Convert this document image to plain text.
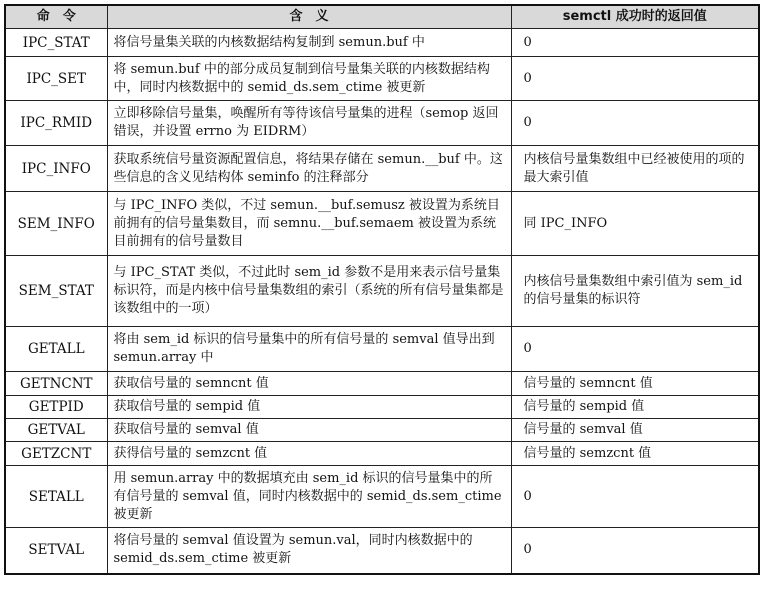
命　令	含　义	semctl 成功时的返回值
IPC_STAT	将信号量集关联的内核数据结构复制到 semun.buf 中	0
IPC_SET	将 semun.buf 中的部分成员复制到信号量集关联的内核数据结构中，同时内核数据中的 semid_ds.sem_ctime 被更新	0
IPC_RMID	立即移除信号量集，唤醒所有等待该信号量集的进程（semop 返回错误，并设置 errno 为 EIDRM）	0
IPC_INFO	获取系统信号量资源配置信息，将结果存储在 semun.__buf 中。这些信息的含义见结构体 seminfo 的注释部分	内核信号量集数组中已经被使用的项的最大索引值
SEM_INFO	与 IPC_INFO 类似，不过 semun.__buf.semusz 被设置为系统目前拥有的信号量集数目，而 semnu.__buf.semaem 被设置为系统目前拥有的信号量数目	同 IPC_INFO
SEM_STAT	与 IPC_STAT 类似，不过此时 sem_id 参数不是用来表示信号量集标识符，而是内核中信号量集数组的索引（系统的所有信号量集都是该数组中的一项）	内核信号量集数组中索引值为 sem_id 的信号量集的标识符
GETALL	将由 sem_id 标识的信号量集中的所有信号量的 semval 值导出到 semun.array 中	0
GETNCNT	获取信号量的 semncnt 值	信号量的 semncnt 值
GETPID	获取信号量的 sempid 值	信号量的 sempid 值
GETVAL	获取信号量的 semval 值	信号量的 semval 值
GETZCNT	获得信号量的 semzcnt 值	信号量的 semzcnt 值
SETALL	用 semun.array 中的数据填充由 sem_id 标识的信号量集中的所有信号量的 semval 值，同时内核数据中的 semid_ds.sem_ctime 被更新	0
SETVAL	将信号量的 semval 值设置为 semun.val，同时内核数据中的 semid_ds.sem_ctime 被更新	0
